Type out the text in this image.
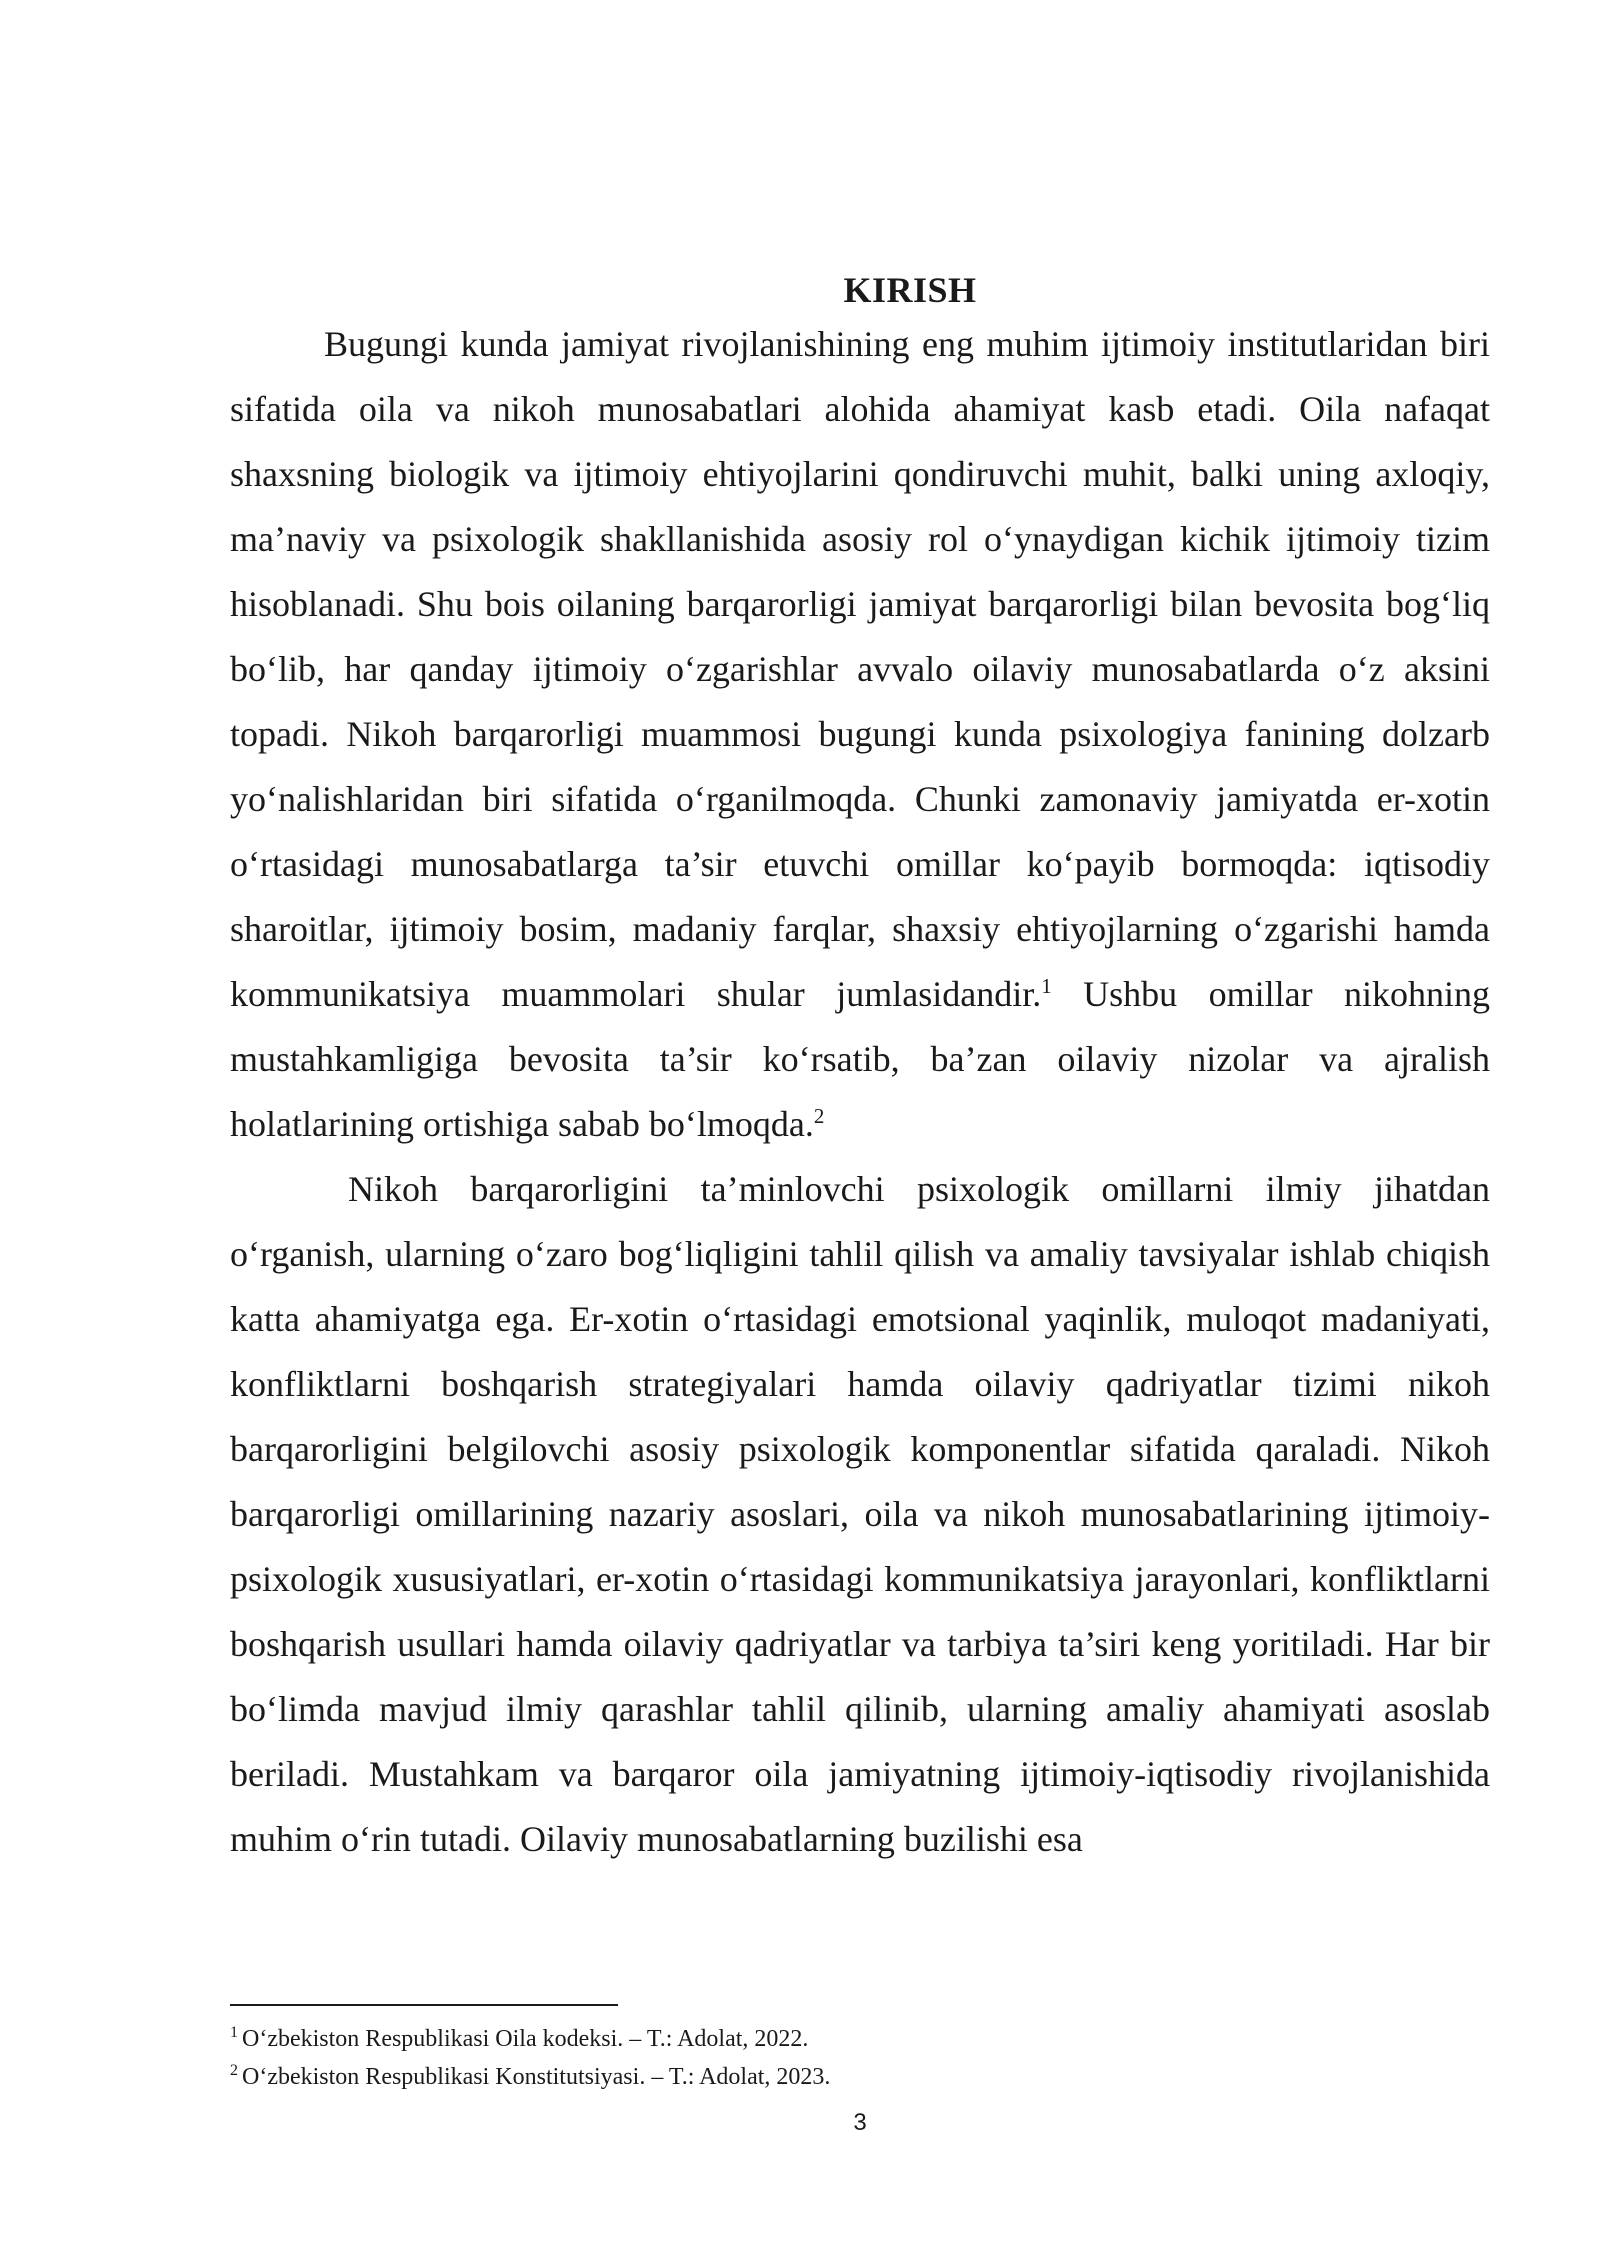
KIRISH

Bugungi kunda jamiyat rivojlanishining eng muhim ijtimoiy institutlaridan biri sifatida oila va nikoh munosabatlari alohida ahamiyat kasb etadi. Oila nafaqat shaxsning biologik va ijtimoiy ehtiyojlarini qondiruvchi muhit, balki uning axloqiy, ma’naviy va psixologik shakllanishida asosiy rol o‘ynaydigan kichik ijtimoiy tizim hisoblanadi. Shu bois oilaning barqarorligi jamiyat barqarorligi bilan bevosita bog‘liq bo‘lib, har qanday ijtimoiy o‘zgarishlar avvalo oilaviy munosabatlarda o‘z aksini topadi. Nikoh barqarorligi muammosi bugungi kunda psixologiya fanining dolzarb yo‘nalishlaridan biri sifatida o‘rganilmoqda. Chunki zamonaviy jamiyatda er-xotin o‘rtasidagi munosabatlarga ta’sir etuvchi omillar ko‘payib bormoqda: iqtisodiy sharoitlar, ijtimoiy bosim, madaniy farqlar, shaxsiy ehtiyojlarning o‘zgarishi hamda kommunikatsiya muammolari shular jumlasidandir.$^1$ Ushbu omillar nikohning mustahkamligiga bevosita ta’sir ko‘rsatib, ba’zan oilaviy nizolar va ajralish holatlarining ortishiga sabab bo‘lmoqda.$^2$

Nikoh barqarorligini ta’minlovchi psixologik omillarni ilmiy jihatdan o‘rganish, ularning o‘zaro bog‘liqligini tahlil qilish va amaliy tavsiyalar ishlab chiqish katta ahamiyatga ega. Er-xotin o‘rtasidagi emotsional yaqinlik, muloqot madaniyati, konfliktlarni boshqarish strategiyalari hamda oilaviy qadriyatlar tizimi nikoh barqarorligini belgilovchi asosiy psixologik komponentlar sifatida qaraladi. Nikoh barqarorligi omillarining nazariy asoslari, oila va nikoh munosabatlarining ijtimoiy-psixologik xususiyatlari, er-xotin o‘rtasidagi kommunikatsiya jarayonlari, konfliktlarni boshqarish usullari hamda oilaviy qadriyatlar va tarbiya ta’siri keng yoritiladi. Har bir bo‘limda mavjud ilmiy qarashlar tahlil qilinib, ularning amaliy ahamiyati asoslab beriladi. Mustahkam va barqaror oila jamiyatning ijtimoiy-iqtisodiy rivojlanishida muhim o‘rin tutadi. Oilaviy munosabatlarning buzilishi esa

$^1$ O‘zbekiston Respublikasi Oila kodeksi. – T.: Adolat, 2022.

$^2$ O‘zbekiston Respublikasi Konstitutsiyasi. – T.: Adolat, 2023.

3
